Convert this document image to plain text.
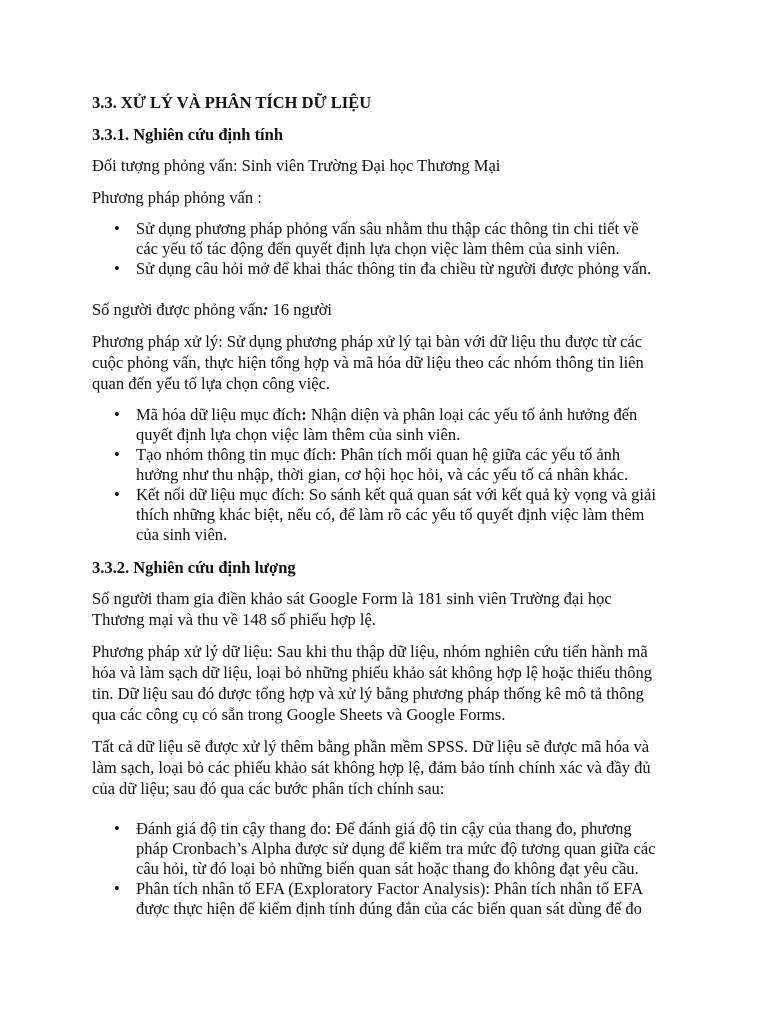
3.3. XỬ LÝ VÀ PHÂN TÍCH DỮ LIỆU
3.3.1. Nghiên cứu định tính

Đối tượng phỏng vấn: Sinh viên Trường Đại học Thương Mại

Phương pháp phỏng vấn :

• Sử dụng phương pháp phỏng vấn sâu nhằm thu thập các thông tin chi tiết về các yếu tố tác động đến quyết định lựa chọn việc làm thêm của sinh viên.
• Sử dụng câu hỏi mở để khai thác thông tin đa chiều từ người được phỏng vấn.

Số người được phỏng vấn: 16 người

Phương pháp xử lý: Sử dụng phương pháp xử lý tại bàn với dữ liệu thu được từ các cuộc phỏng vấn, thực hiện tổng hợp và mã hóa dữ liệu theo các nhóm thông tin liên quan đến yếu tố lựa chọn công việc.

• Mã hóa dữ liệu mục đích: Nhận diện và phân loại các yếu tố ảnh hưởng đến quyết định lựa chọn việc làm thêm của sinh viên.
• Tạo nhóm thông tin mục đích: Phân tích mối quan hệ giữa các yếu tố ảnh hưởng như thu nhập, thời gian, cơ hội học hỏi, và các yếu tố cá nhân khác.
• Kết nối dữ liệu mục đích: So sánh kết quả quan sát với kết quả kỳ vọng và giải thích những khác biệt, nếu có, để làm rõ các yếu tố quyết định việc làm thêm của sinh viên.
3.3.2. Nghiên cứu định lượng

Số người tham gia điền khảo sát Google Form là 181 sinh viên Trường đại học Thương mại và thu về 148 số phiếu hợp lệ.

Phương pháp xử lý dữ liệu: Sau khi thu thập dữ liệu, nhóm nghiên cứu tiến hành mã hóa và làm sạch dữ liệu, loại bỏ những phiếu khảo sát không hợp lệ hoặc thiếu thông tin. Dữ liệu sau đó được tổng hợp và xử lý bằng phương pháp thống kê mô tả thông qua các công cụ có sẵn trong Google Sheets và Google Forms.

Tất cả dữ liệu sẽ được xử lý thêm bằng phần mềm SPSS. Dữ liệu sẽ được mã hóa và làm sạch, loại bỏ các phiếu khảo sát không hợp lệ, đảm bảo tính chính xác và đầy đủ của dữ liệu; sau đó qua các bước phân tích chính sau:

• Đánh giá độ tin cậy thang đo: Để đánh giá độ tin cậy của thang đo, phương pháp Cronbach’s Alpha được sử dụng để kiểm tra mức độ tương quan giữa các câu hỏi, từ đó loại bỏ những biến quan sát hoặc thang đo không đạt yêu cầu.
• Phân tích nhân tố EFA (Exploratory Factor Analysis): Phân tích nhân tố EFA được thực hiện để kiểm định tính đúng đắn của các biến quan sát dùng để đo
